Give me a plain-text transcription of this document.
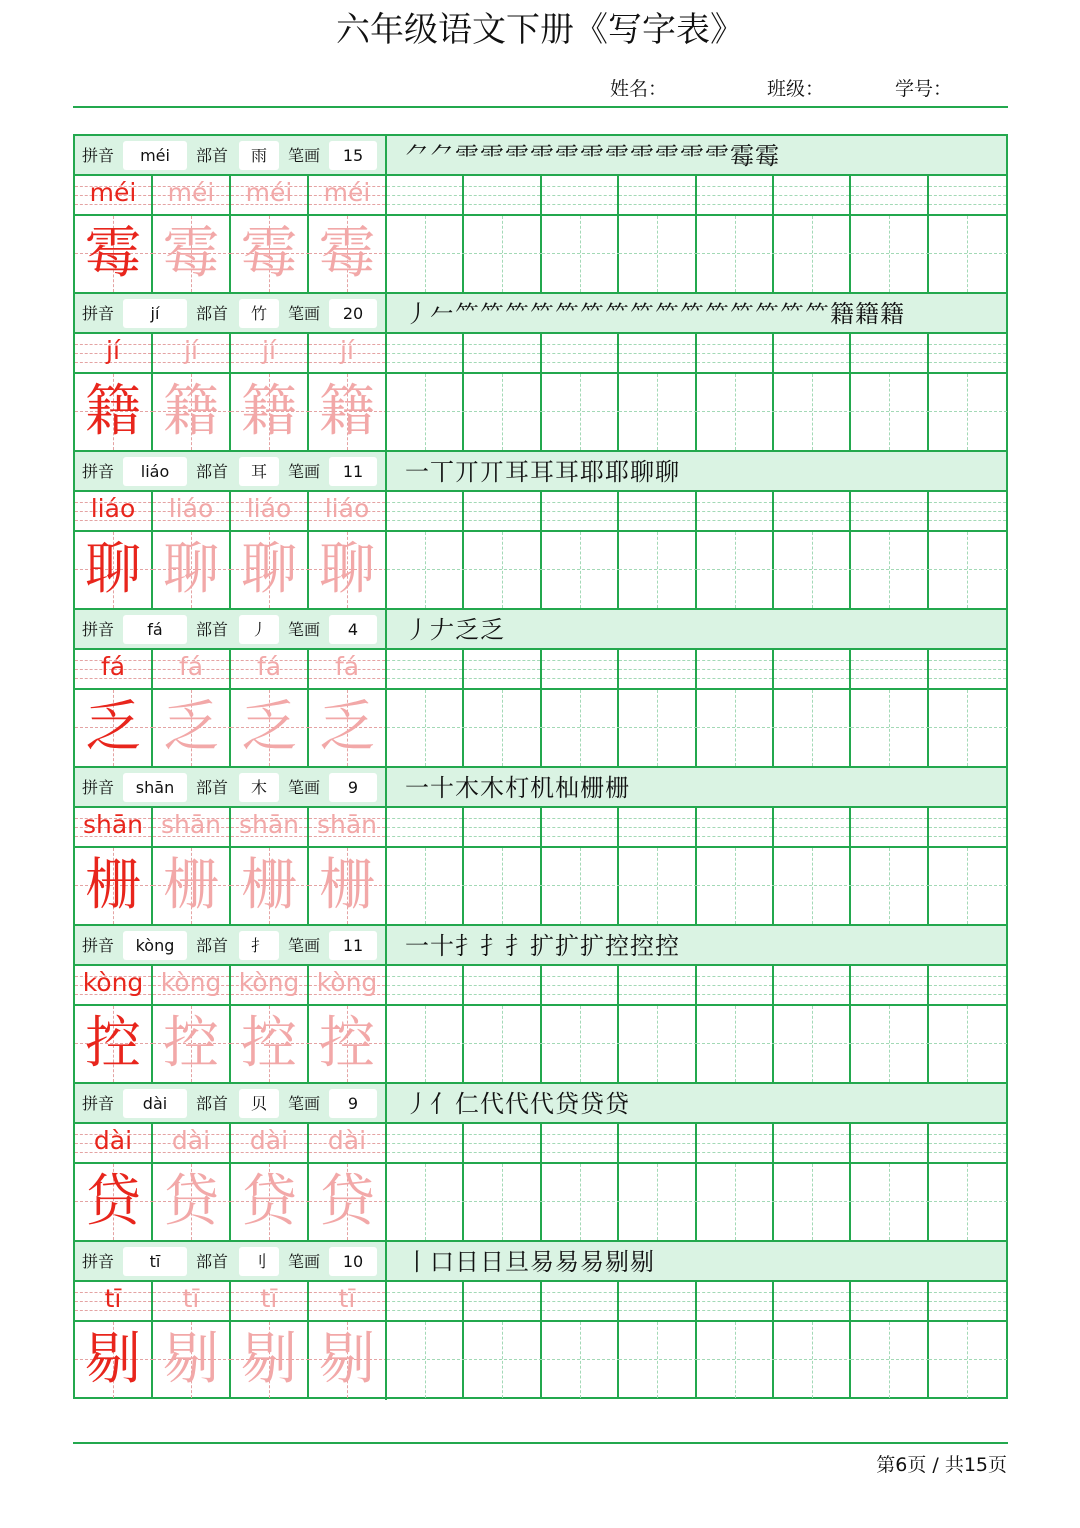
六年级语文下册《写字表》
姓名：	班级：	学号：
拼音	méi	部首	雨	笔画	15	⺈⺈⻗⻗⻗⻗⻗⻗⻗⻗⻗⻗⻗霉霉
méi	méi	méi	méi
霉 霉 霉 霉
拼音	jí	部首	竹	笔画	20	丿𠂉⺮⺮⺮⺮⺮⺮⺮⺮⺮⺮⺮⺮⺮⺮⺮籍籍籍
jí	jí	jí	jí
籍 籍 籍 籍
拼音	liáo	部首	耳	笔画	11	一丅丌丌耳耳耳耶耶聊聊
liáo	liáo	liáo	liáo
聊 聊 聊 聊
拼音	fá	部首	丿	笔画	4	丿𠂇乏乏
fá	fá	fá	fá
乏 乏 乏 乏
拼音	shān	部首	木	笔画	9	一十木木朾机杣栅栅
shān shān shān shān
栅 栅 栅 栅
拼音	kòng	部首	扌	笔画	11	一十扌扌扌扩扩扩控控控
kòng kòng kòng kòng
控 控 控 控
拼音	dài	部首	贝	笔画	9	丿亻仁代代代贷贷贷
dài	dài	dài	dài
贷 贷 贷 贷
拼音	tī	部首	刂	笔画	10	丨口日日旦易易易剔剔
tī	tī	tī	tī
剔 剔 剔 剔
第6页 / 共15页
